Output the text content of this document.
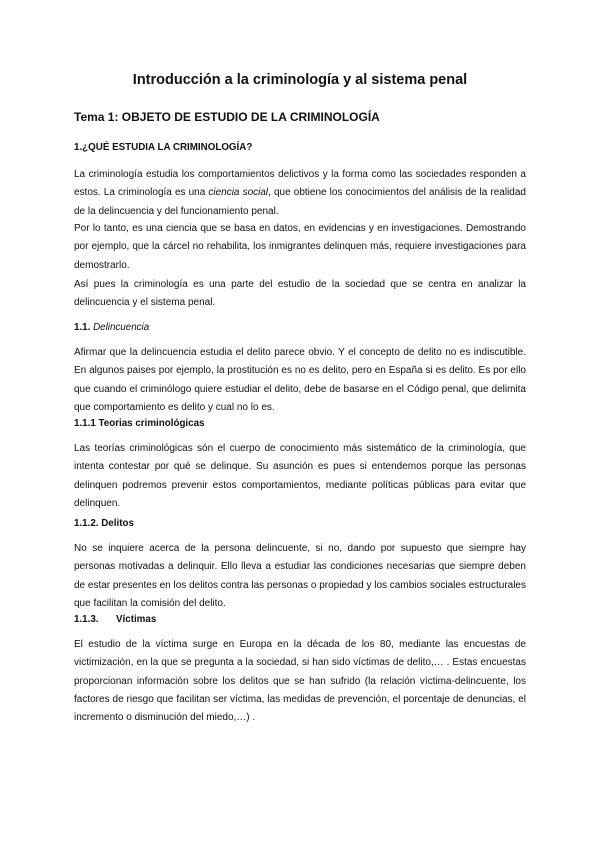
Introducción a la criminología y al sistema penal
Tema 1: OBJETO DE ESTUDIO DE LA CRIMINOLOGÍA
1.¿QUÉ ESTUDIA LA CRIMINOLOGÍA?
La criminología estudia los comportamientos delictivos y la forma como las sociedades responden a estos. La criminología es una ciencia social, que obtiene los conocimientos del análisis de la realidad de la delincuencia y del funcionamiento penal.
Por lo tanto, es una ciencia que se basa en datos, en evidencias y en investigaciones. Demostrando por ejemplo, que la cárcel no rehabilita, los inmigrantes delinquen más, requiere investigaciones para demostrarlo.
Así pues la criminología es una parte del estudio de la sociedad que se centra en analizar la delincuencia y el sistema penal.
1.1. Delincuencia
Afirmar que la delincuencia estudia el delito parece obvio. Y el concepto de delito no es indiscutible. En algunos paises por ejemplo, la prostitución es no es delito, pero en España si es delito. Es por ello que cuando el criminólogo quiere estudiar el delito, debe de basarse en el Código penal, que delimita que comportamiento es delito y cual no lo es.
1.1.1 Teorias criminológicas
Las teorías criminológicas són el cuerpo de conocimiento más sistemático de la criminología, que intenta contestar por qué se delinque. Su asunción es pues si entendemos porque las personas delinquen podremos prevenir estos comportamientos, mediante políticas públicas para evitar que delinquen.
1.1.2. Delitos
No se inquiere acerca de la persona delincuente, si no, dando por supuesto que siempre hay personas motivadas a delinquir. Ello lleva a estudiar las condiciones necesarias que siempre deben de estar presentes en los delitos contra las personas o propiedad y los cambios sociales estructurales que facilitan la comisión del delito.
1.1.3. Víctimas
El estudio de la víctima surge en Europa en la década de los 80, mediante las encuestas de victimización, en la que se pregunta a la sociedad, si han sido víctimas de delito,… . Estas encuestas proporcionan información sobre los delitos que se han sufrido (la relación víctima-delincuente, los factores de riesgo que facilitan ser víctima, las medidas de prevención, el porcentaje de denuncias, el incremento o disminución del miedo,…) .
